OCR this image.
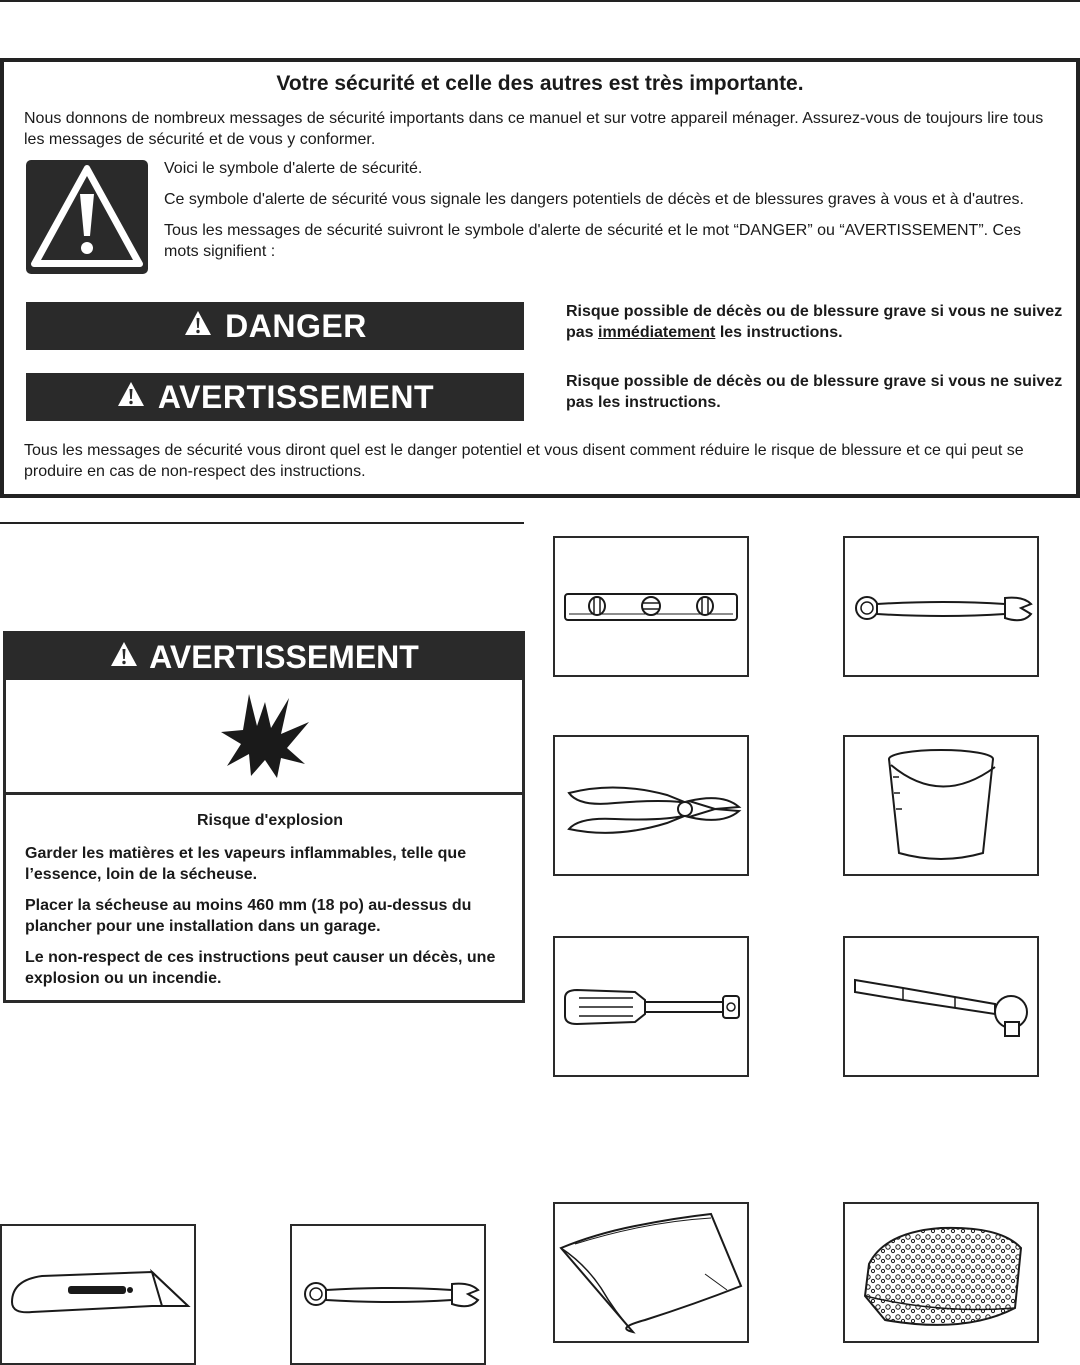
Votre sécurité et celle des autres est très importante.
Nous donnons de nombreux messages de sécurité importants dans ce manuel et sur votre appareil ménager. Assurez-vous de toujours lire tous les messages de sécurité et de vous y conformer.

Voici le symbole d'alerte de sécurité.

Ce symbole d'alerte de sécurité vous signale les dangers potentiels de décès et de blessures graves à vous et à d'autres.

Tous les messages de sécurité suivront le symbole d'alerte de sécurité et le mot “DANGER” ou “AVERTISSEMENT”. Ces mots signifient :

DANGER	Risque possible de décès ou de blessure grave si vous ne suivez pas immédiatement les instructions.
AVERTISSEMENT	Risque possible de décès ou de blessure grave si vous ne suivez pas les instructions.
Tous les messages de sécurité vous diront quel est le danger potentiel et vous disent comment réduire le risque de blessure et ce qui peut se produire en cas de non-respect des instructions.
AVERTISSEMENT
Risque d'explosion

Garder les matières et les vapeurs inflammables, telle que l’essence, loin de la sécheuse.

Placer la sécheuse au moins 460 mm (18 po) au-dessus du plancher pour une installation dans un garage.

Le non-respect de ces instructions peut causer un décès, une explosion ou un incendie.
